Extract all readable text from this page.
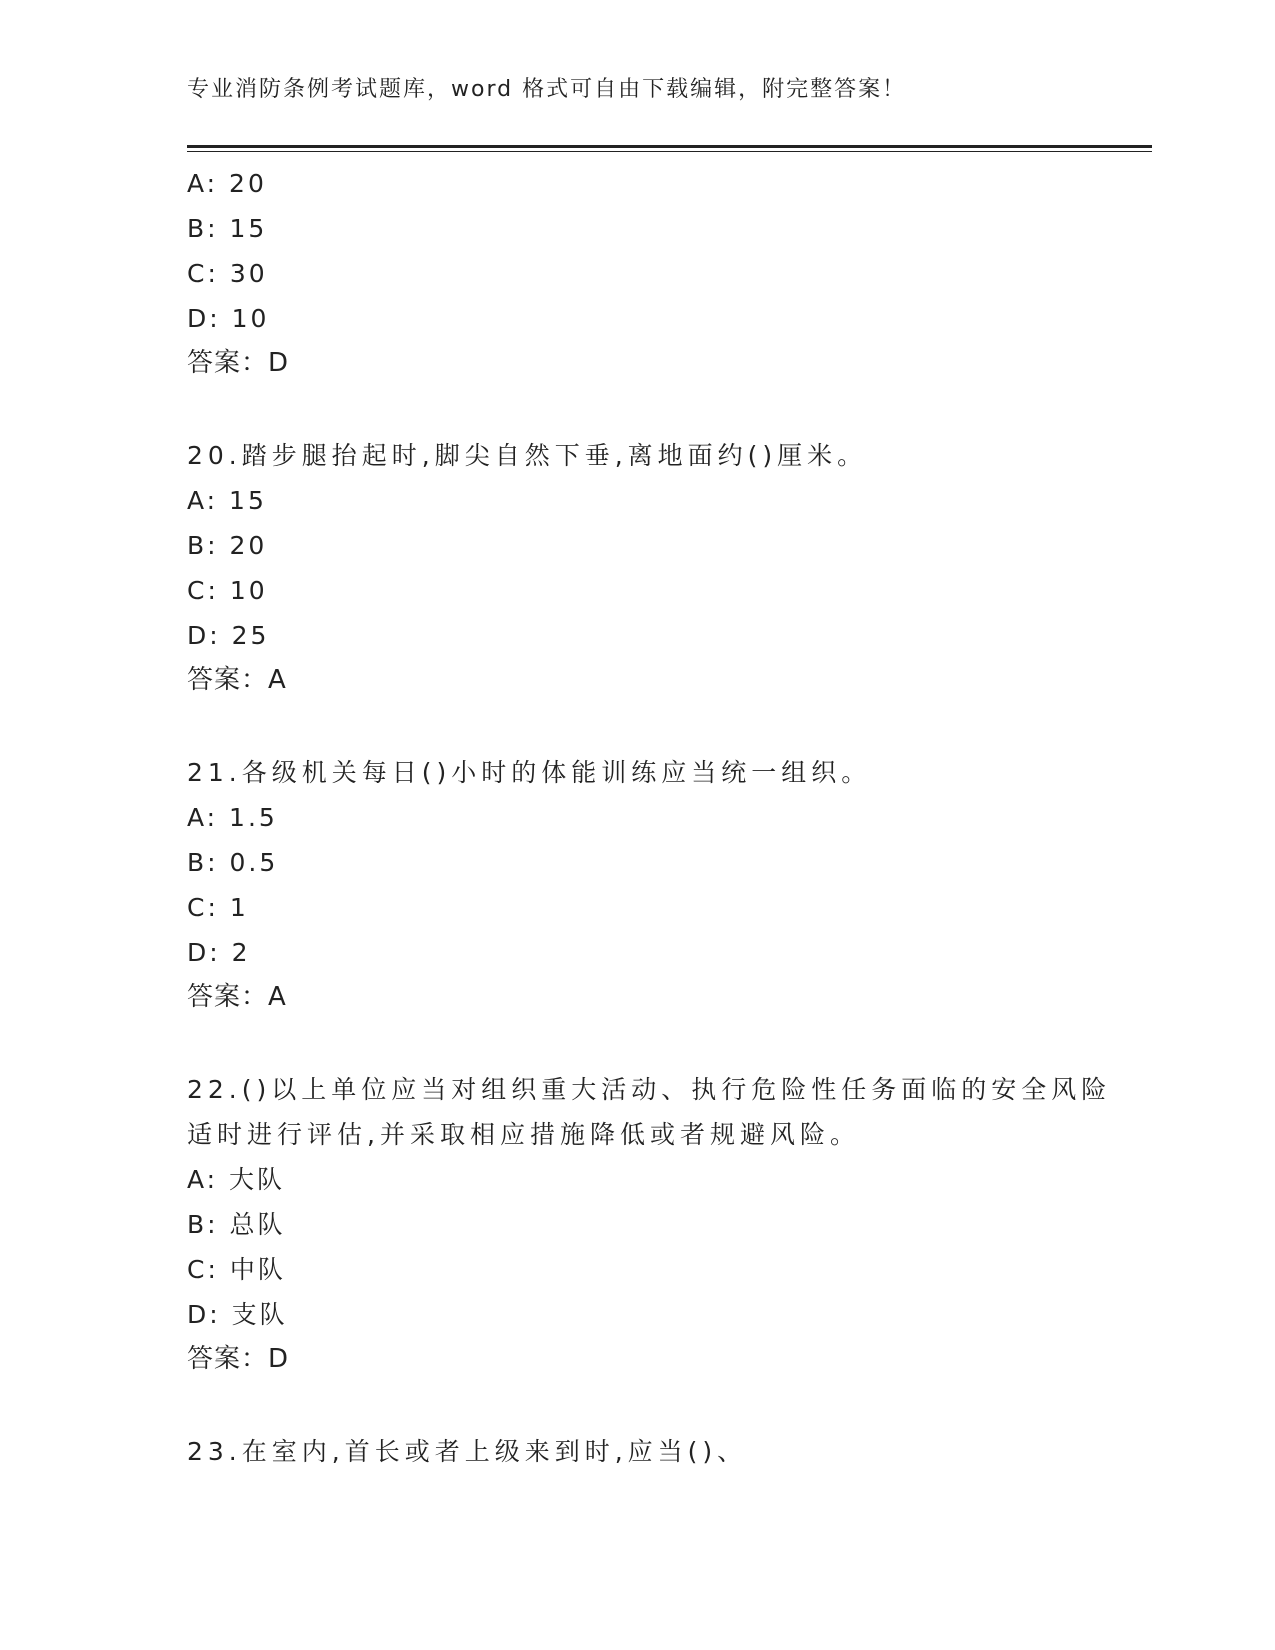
专业消防条例考试题库，word 格式可自由下载编辑，附完整答案！
A: 20
B: 15
C: 30
D: 10
答案：D
20.踏步腿抬起时,脚尖自然下垂,离地面约()厘米。
A: 15
B: 20
C: 10
D: 25
答案：A
21.各级机关每日()小时的体能训练应当统一组织。
A: 1.5
B: 0.5
C: 1
D: 2
答案：A
22.()以上单位应当对组织重大活动、执行危险性任务面临的安全风险
适时进行评估,并采取相应措施降低或者规避风险。
A: 大队
B: 总队
C: 中队
D: 支队
答案：D
23.在室内,首长或者上级来到时,应当()、
